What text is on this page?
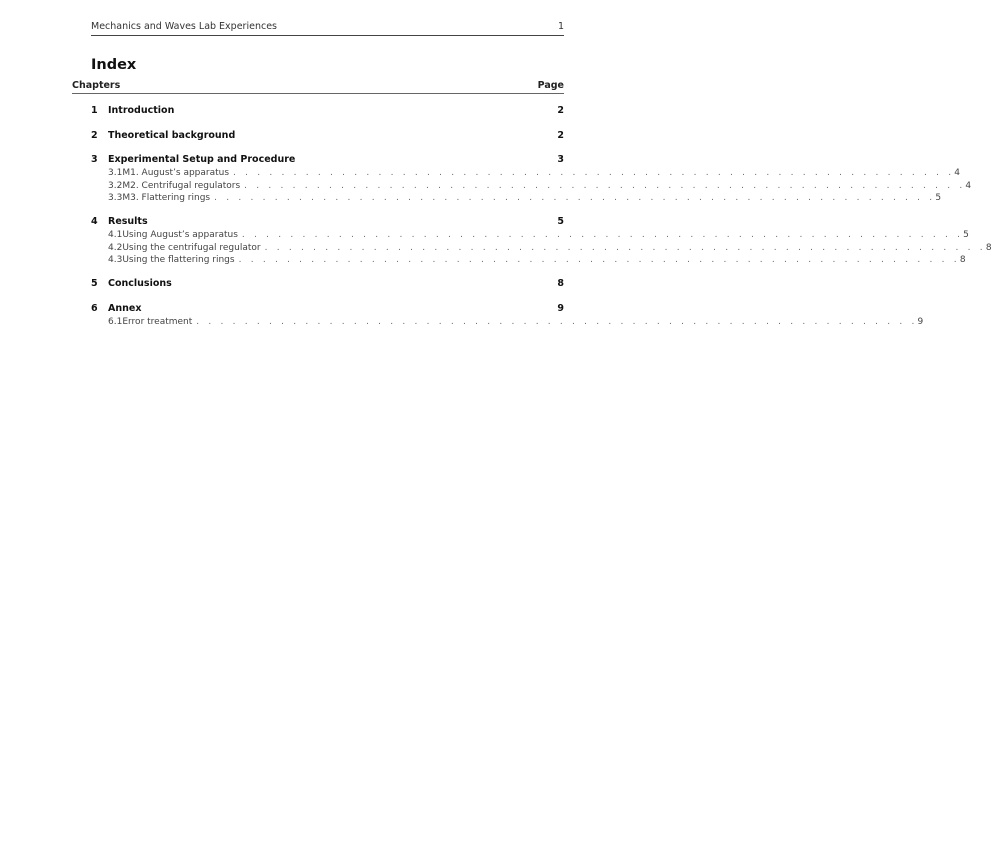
Mechanics and Waves Lab Experiences	1
Index
Chapters	Page
1	Introduction	2
2	Theoretical background	2
3	Experimental Setup and Procedure	3
3.1 M1. August’s apparatus . . . . . . . . . . . . . . . . . . . . . . . . . . . . . . . . . . . . . . . . . . . . . . . . . . . . . . . . . . . . 4
3.2 M2. Centrifugal regulators . . . . . . . . . . . . . . . . . . . . . . . . . . . . . . . . . . . . . . . . . . . . . . . . . . . . . . . . . . . . 4
3.3 M3. Flattering rings . . . . . . . . . . . . . . . . . . . . . . . . . . . . . . . . . . . . . . . . . . . . . . . . . . . . . . . . . . . . 5
4	Results	5
4.1 Using August’s apparatus . . . . . . . . . . . . . . . . . . . . . . . . . . . . . . . . . . . . . . . . . . . . . . . . . . . . . . . . . . . . 5
4.2 Using the centrifugal regulator . . . . . . . . . . . . . . . . . . . . . . . . . . . . . . . . . . . . . . . . . . . . . . . . . . . . . . . . . . . . 8
4.3 Using the flattering rings . . . . . . . . . . . . . . . . . . . . . . . . . . . . . . . . . . . . . . . . . . . . . . . . . . . . . . . . . . . . 8
5	Conclusions	8
6	Annex	9
6.1 Error treatment . . . . . . . . . . . . . . . . . . . . . . . . . . . . . . . . . . . . . . . . . . . . . . . . . . . . . . . . . . . . 9
